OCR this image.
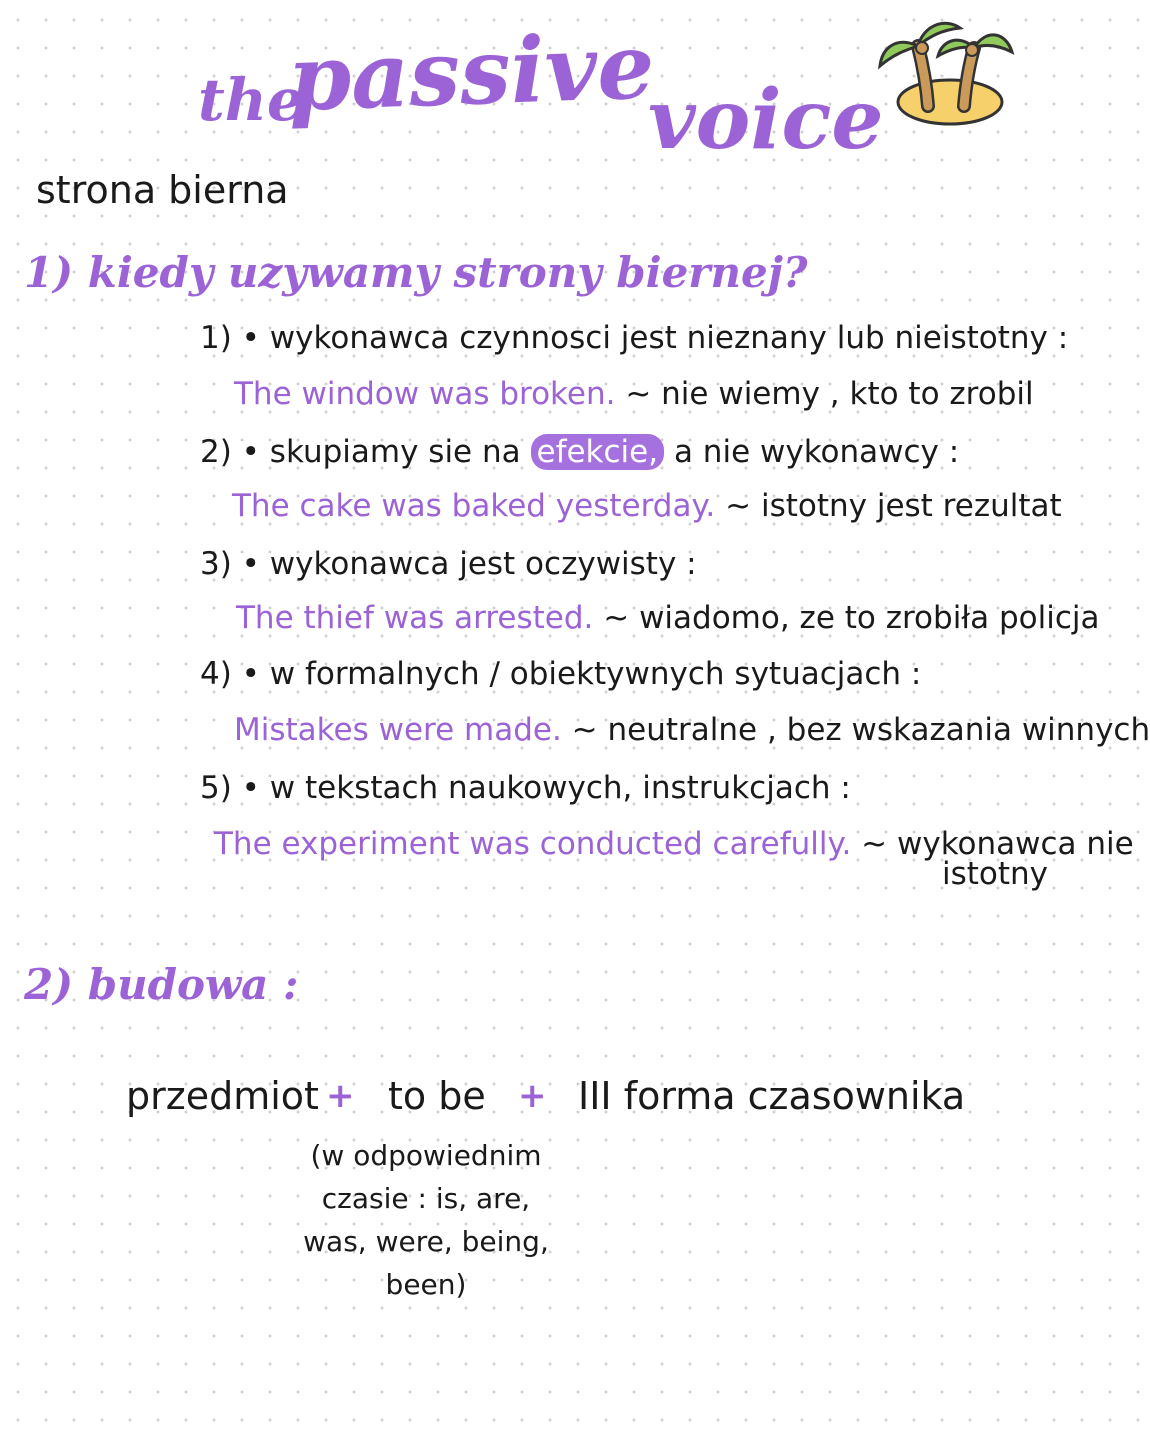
the
passive
voice
strona bierna
1) kiedy uzywamy strony biernej?
1) • wykonawca czynnosci jest nieznany lub nieistotny :
The window was broken. ~ nie wiemy , kto to zrobil
2) • skupiamy sie na efekcie, a nie wykonawcy :
The cake was baked yesterday. ~ istotny jest rezultat
3) • wykonawca jest oczywisty :
The thief was arrested. ~ wiadomo, ze to zrobiła policja
4) • w formalnych / obiektywnych sytuacjach :
Mistakes were made. ~ neutralne , bez wskazania winnych
5) • w tekstach naukowych, instrukcjach :
The experiment was conducted carefully. ~ wykonawca nie
istotny
2) budowa :
przedmiot + to be + III forma czasownika
(w odpowiednim czasie : is, are, was, were, being, been)
